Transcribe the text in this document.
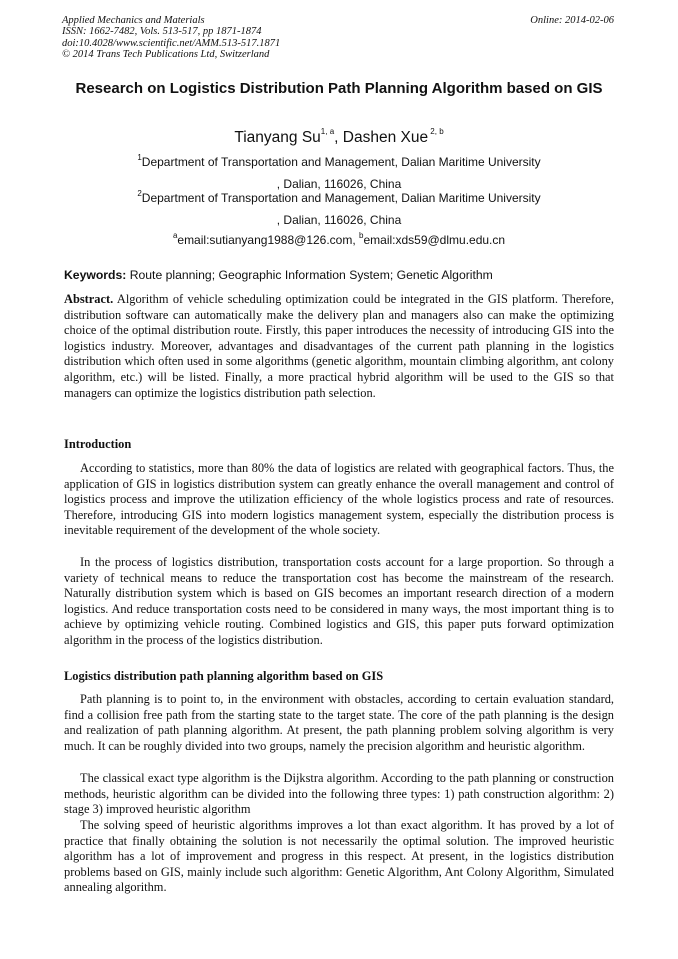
Applied Mechanics and Materials
ISSN: 1662-7482, Vols. 513-517, pp 1871-1874
doi:10.4028/www.scientific.net/AMM.513-517.1871
© 2014 Trans Tech Publications Ltd, Switzerland
Online: 2014-02-06
Research on Logistics Distribution Path Planning Algorithm based on GIS
Tianyang Su$^{1, a}$, Dashen Xue $^{2, b}$
$^1$Department of Transportation and Management, Dalian Maritime University
, Dalian, 116026, China
$^2$Department of Transportation and Management, Dalian Maritime University
, Dalian, 116026, China
$^a$email:sutianyang1988@126.com, $^b$email:xds59@dlmu.edu.cn
Keywords: Route planning; Geographic Information System; Genetic Algorithm
Abstract. Algorithm of vehicle scheduling optimization could be integrated in the GIS platform. Therefore, distribution software can automatically make the delivery plan and managers also can make the optimizing choice of the optimal distribution route. Firstly, this paper introduces the necessity of introducing GIS into the logistics industry. Moreover, advantages and disadvantages of the current path planning in the logistics distribution which often used in some algorithms (genetic algorithm, mountain climbing algorithm, ant colony algorithm, etc.) will be listed. Finally, a more practical hybrid algorithm will be used to the GIS so that managers can optimize the logistics distribution path selection.
Introduction
According to statistics, more than 80% the data of logistics are related with geographical factors. Thus, the application of GIS in logistics distribution system can greatly enhance the overall management and control of logistics process and improve the utilization efficiency of the whole logistics process and rate of resources. Therefore, introducing GIS into modern logistics management system, especially the distribution process is inevitable requirement of the development of the whole society.
In the process of logistics distribution, transportation costs account for a large proportion. So through a variety of technical means to reduce the transportation cost has become the mainstream of the research. Naturally distribution system which is based on GIS becomes an important research direction of a modern logistics. And reduce transportation costs need to be considered in many ways, the most important thing is to achieve by optimizing vehicle routing. Combined logistics and GIS, this paper puts forward optimization algorithm in the process of the logistics distribution.
Logistics distribution path planning algorithm based on GIS
Path planning is to point to, in the environment with obstacles, according to certain evaluation standard, find a collision free path from the starting state to the target state. The core of the path planning is the design and realization of path planning algorithm. At present, the path planning problem solving algorithm is very much. It can be roughly divided into two groups, namely the precision algorithm and heuristic algorithm.
The classical exact type algorithm is the Dijkstra algorithm. According to the path planning or construction methods, heuristic algorithm can be divided into the following three types: 1) path construction algorithm: 2) stage 3) improved heuristic algorithm
The solving speed of heuristic algorithms improves a lot than exact algorithm. It has proved by a lot of practice that finally obtaining the solution is not necessarily the optimal solution. The improved heuristic algorithm has a lot of improvement and progress in this respect. At present, in the logistics distribution problems based on GIS, mainly include such algorithm: Genetic Algorithm, Ant Colony Algorithm, Simulated annealing algorithm.
